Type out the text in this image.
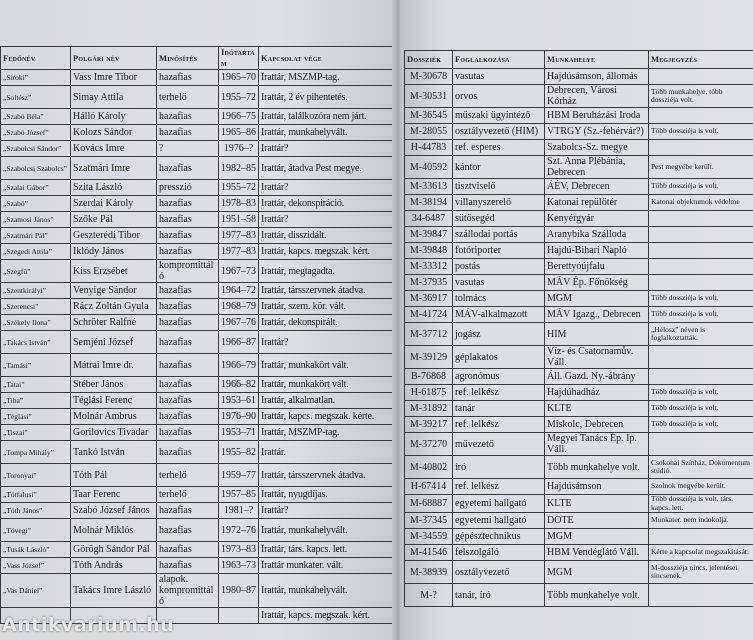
Fedőnév	Polgári név	Minősítés	Időtartam	Kapcsolat vége
„Siroki”	Vass Imre Tibor	hazafias	1965–70	Irattár, MSZMP-tag.
„Soltész”	Simay Attila	terhelő	1955–72	Irattár, 2 év pihentetés.
„Szabó Béla”	Hálló Károly	hazafias	1966–75	Irattár, találkozóra nem járt.
„Szabó József”	Kolozs Sándor	hazafias	1965–86	Irattár, munkahelyvált.
„Szabolcsi Sándor”	Kovács Imre	?	1976–?	Irattár?
„Szabolcsi Szabolcs”	Szatmári Imre	hazafias	1982–85	Irattár, átadva Pest megye.
„Szalai Gábor”	Szita László	presszió	1955–72	Irattár?
„Szabó”	Szerdai Károly	hazafias	1978–83	Irattár, dekonspiráció.
„Szamosi János”	Szőke Pál	hazafias	1951–58	Irattár?
„Szatmári Pál”	Geszterédi Tibor	hazafias	1977–83	Irattár, disszidált.
„Szegedi Attila”	Iklódy János	hazafias	1977–83	Irattár, kapcs. megszak. kért.
„Szegfű”	Kiss Erzsébet	kompromittáló	1967–73	Irattár, megtagadta.
„Szentkirályi”	Venyige Sándor	hazafias	1964–72	Irattár, társszervnek átadva.
„Szerencsi”	Rácz Zoltán Gyula	hazafias	1968–79	Irattár, szem. kör. vált.
„Székely Ilona”	Schröter Ralfné	hazafias	1967–76	Irattár, dekonspirált.
„Takács István”	Semjéni József	hazafias	1966–87	Irattár?
„Tamási”	Mátrai Imre dr.	hazafias	1966–79	Irattár, munkakört vált.
„Tatai”	Stéber János	hazafias	1966–82	Irattár, munkakört vált.
„Tiba”	Téglási Ferenc	hazafias	1953–61	Irattár, alkalmatlan.
„Téglási”	Molnár Ambrus	hazafias	1976–90	Irattár, kapcs. megszak. kérte.
„Tiszai”	Gorilovics Tivadar	hazafias	1953–71	Irattár, MSZMP-tag.
„Tompa Mihály”	Tankó István	hazafias	1955–82	Irattár.
„Toronyai”	Tóth Pál	terhelő	1959–77	Irattár, társszervnek átadva.
„Tótfalusi”	Taar Ferenc	terhelő	1957–85	Irattár, nyugdíjas.
„Tóth János”	Szabó József János	hazafias	1981–?	Irattár?
„Tövegi”	Molnár Miklós	hazafias	1972–76	Irattár, munkahelyvált.
„Tusák László”	Görögh Sándor Pál	hazafias	1973–83	Irattár, társ. kapcs. lett.
„Vass József”	Tóth András	hazafias	1963–73	Irattár munkater. vált.
„Vas Dániel”	Takács Imre László	alapok. kompromittáló	1980–87	Irattár, munkahelyvált.
				Irattár, kapcs. megszak. kért.
Dossziék	Foglalkozása	Munkahelye	Megjegyzés
M-30678	vasutas	Hajdúsámson, állomás	
M-30531	orvos	Debrecen, Városi Kórház	Több munkahelye, több dossziéja volt.
M-36545	műszaki ügyintéző	HBM Beruházási Iroda	
M-28055	osztályvezető (HIM)	VTRGY (Sz.-fehérvár?)	Több dossziéja is volt.
H-44783	ref. esperes	Szabolcs-Sz. megye	
M-40592	kántor	Szt. Anna Plébánia, Debrecen	Pest megyébe került.
M-33613	tisztviselő	ÁÉV, Debrecen	Több dossziéja is volt.
M-38194	villanyszerelő	Katonai repülőtér	Katonai objektumok védelme
34-6487	sütősegéd	Kenyérgyár	
M-39847	szállodai portás	Aranybika Szálloda	
M-39848	fotóriporter	Hajdú-Bihari Napló	
M-33312	postás	Berettyóújfalu	
M-37935	vasutas	MÁV Ép. Főnökség	
M-36917	tolmács	MGM	Több dossziéja is volt.
M-41724	MÁV-alkalmazott	MÁV Igazg., Debrecen	Több dossziéja is volt.
M-37712	jogász	HIM	„Hélosz” néven is foglalkoztatták.
M-39129	géplakatos	Víz- és Csatornamův. Váll.	
B-76868	agronómus	Áll. Gazd. Ny.-ábrány	
H-61875	ref. lelkész	Hajdúhadház	Több dossziéja is volt.
M-31892	tanár	KLTE	Több dossziéja is volt.
M-39217	ref. lelkész	Miskolc, Debrecen	Több dossziéja is volt.
M-37270	művezető	Megyei Tanács Ép. Ip. Váll.	
M-40802	író	Több munkahelye volt.	Csokonai Színház, Dokumentum stúdió.
H-67414	ref. lelkész	Hajdúsámson	Szolnok megyébe került.
M-68887	egyetemi hallgató	KLTE	Több dossziéja is volt, társ. kapcs. lett.
M-37345	egyetemi hallgató	DOTE	Munkater. nem indokolja.
M-34559	gépésztechnikus	MGM	
M-41546	felszolgáló	HBM Vendéglátó Váll.	Kérte a kapcsolat megszakítását.
M-38939	osztályvezető	MGM	M-dossziéja nincs, jelentései sincsenek.
M-?	tanár, író	Több munkahelye volt.	
Antikvarium.hu
